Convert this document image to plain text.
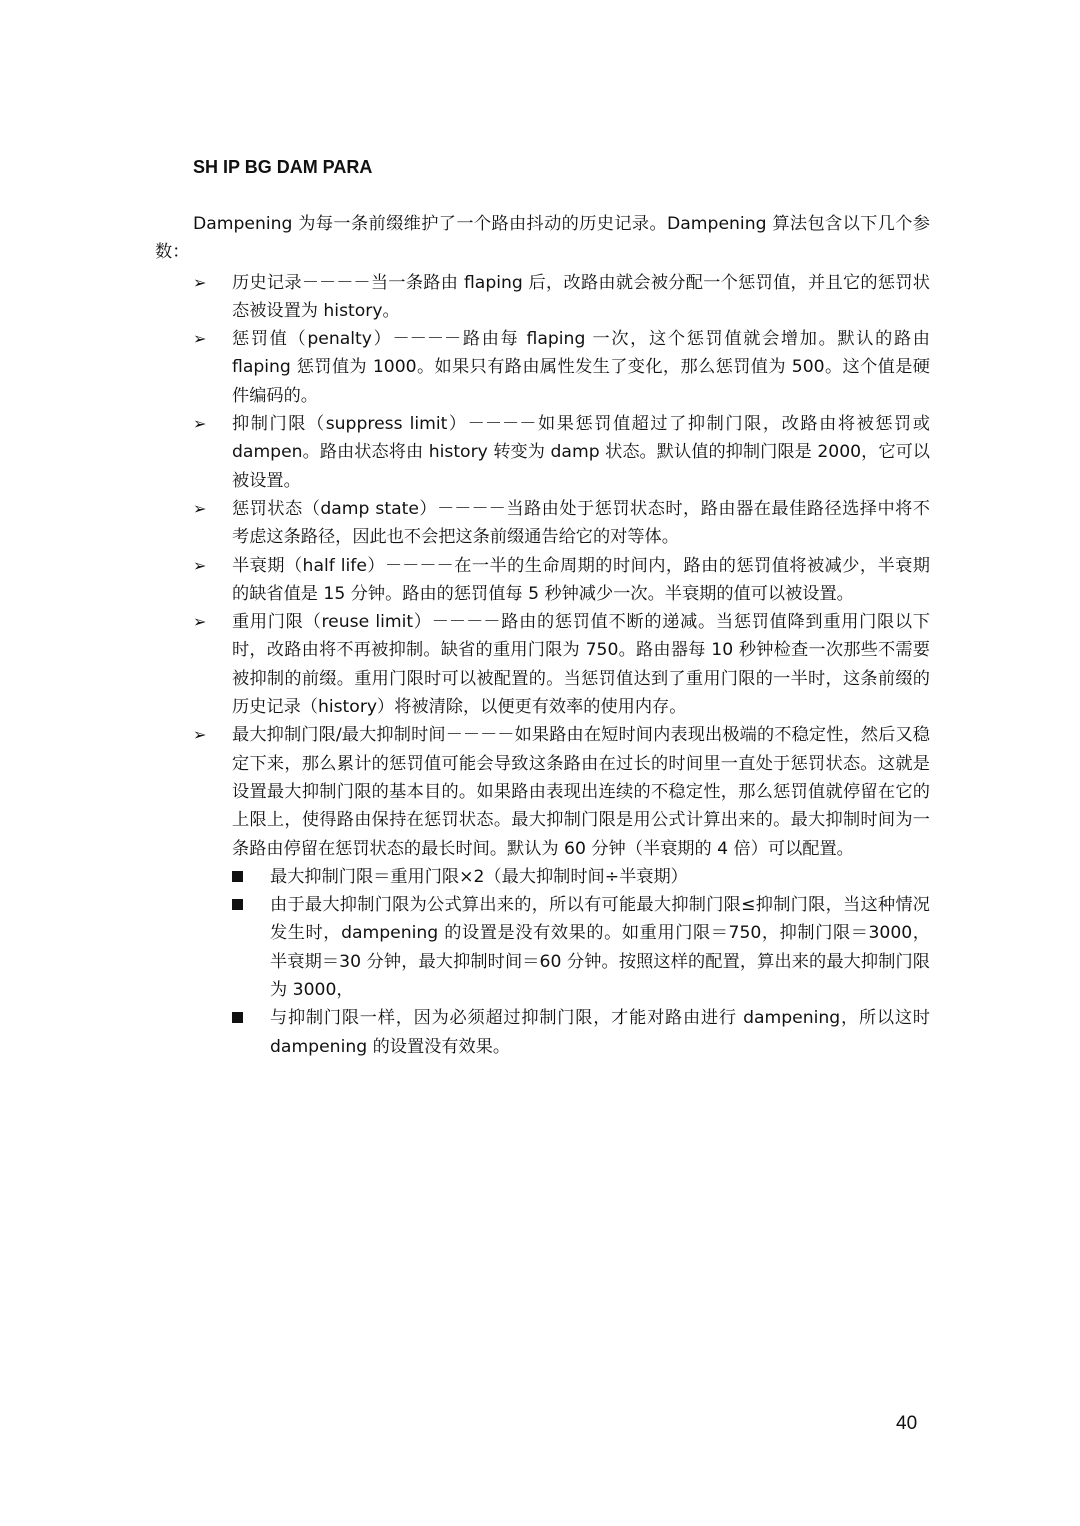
SH IP BG DAM PARA

Dampening 为每一条前缀维护了一个路由抖动的历史记录。Dampening 算法包含以下几个参数：

➢	历史记录－－－－当一条路由 flaping 后，改路由就会被分配一个惩罚值，并且它的惩罚状态被设置为 history。
➢	惩罚值（penalty）－－－－路由每 flaping 一次，这个惩罚值就会增加。默认的路由 flaping 惩罚值为 1000。如果只有路由属性发生了变化，那么惩罚值为 500。这个值是硬件编码的。
➢	抑制门限（suppress limit）－－－－如果惩罚值超过了抑制门限，改路由将被惩罚或 dampen。路由状态将由 history 转变为 damp 状态。默认值的抑制门限是 2000，它可以被设置。
➢	惩罚状态（damp state）－－－－当路由处于惩罚状态时，路由器在最佳路径选择中将不考虑这条路径，因此也不会把这条前缀通告给它的对等体。
➢	半衰期（half life）－－－－在一半的生命周期的时间内，路由的惩罚值将被减少，半衰期的缺省值是 15 分钟。路由的惩罚值每 5 秒钟减少一次。半衰期的值可以被设置。
➢	重用门限（reuse limit）－－－－路由的惩罚值不断的递减。当惩罚值降到重用门限以下时，改路由将不再被抑制。缺省的重用门限为 750。路由器每 10 秒钟检查一次那些不需要被抑制的前缀。重用门限时可以被配置的。当惩罚值达到了重用门限的一半时，这条前缀的历史记录（history）将被清除，以便更有效率的使用内存。
➢	最大抑制门限/最大抑制时间－－－－如果路由在短时间内表现出极端的不稳定性，然后又稳定下来，那么累计的惩罚值可能会导致这条路由在过长的时间里一直处于惩罚状态。这就是设置最大抑制门限的基本目的。如果路由表现出连续的不稳定性，那么惩罚值就停留在它的上限上，使得路由保持在惩罚状态。最大抑制门限是用公式计算出来的。最大抑制时间为一条路由停留在惩罚状态的最长时间。默认为 60 分钟（半衰期的 4 倍）可以配置。
最大抑制门限＝重用门限×2（最大抑制时间÷半衰期）
由于最大抑制门限为公式算出来的，所以有可能最大抑制门限≤抑制门限，当这种情况发生时，dampening 的设置是没有效果的。如重用门限＝750，抑制门限＝3000，半衰期＝30 分钟，最大抑制时间＝60 分钟。按照这样的配置，算出来的最大抑制门限为 3000，
与抑制门限一样，因为必须超过抑制门限，才能对路由进行 dampening，所以这时 dampening 的设置没有效果。
40
